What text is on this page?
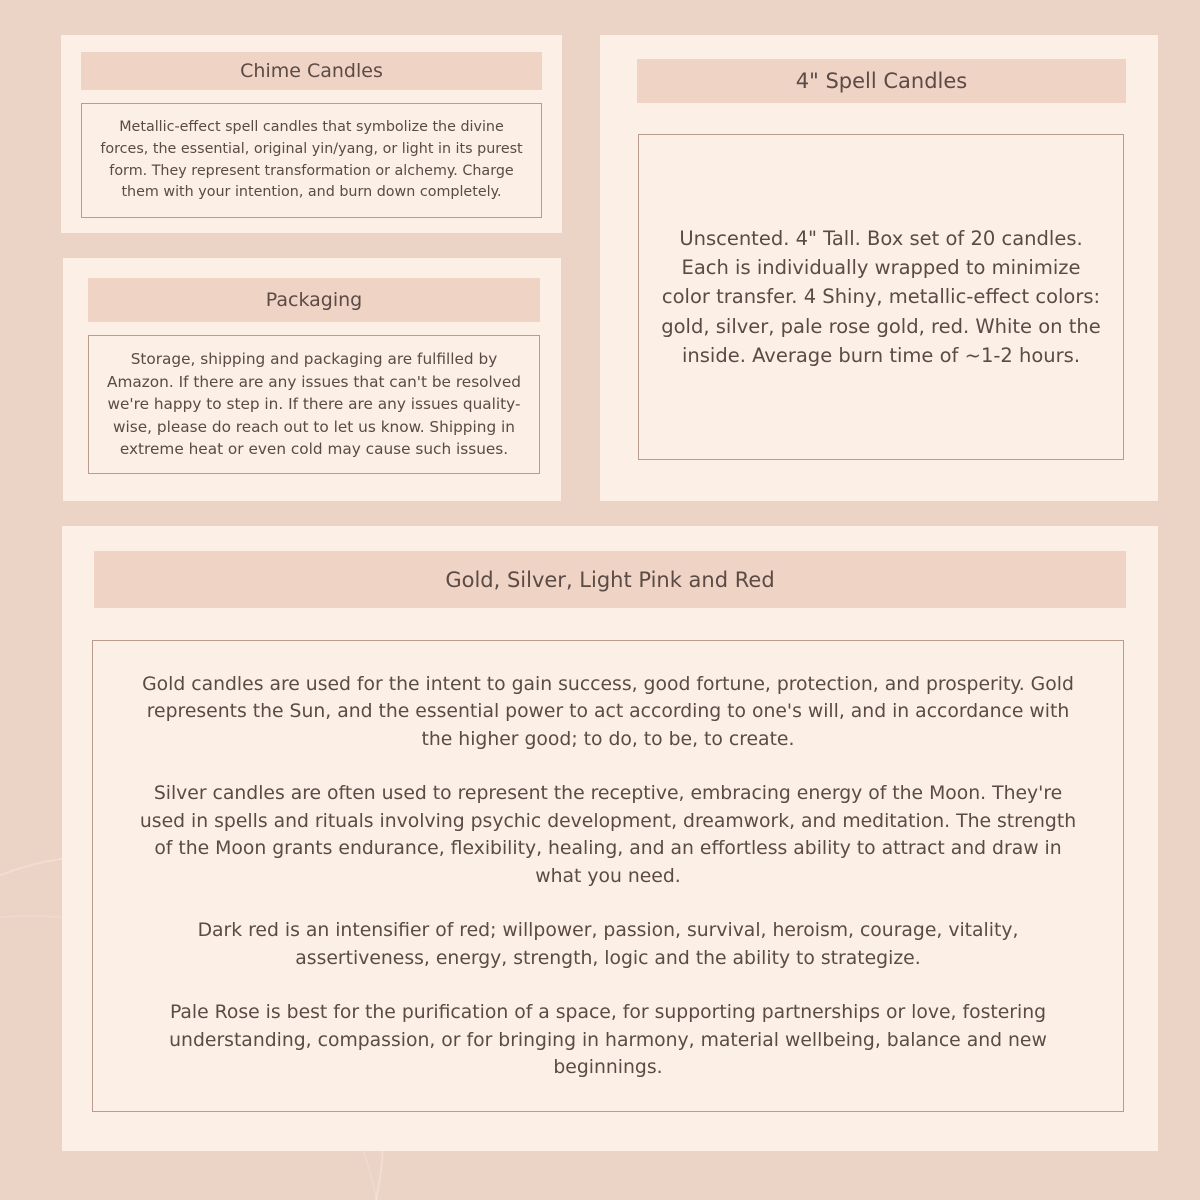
Chime Candles

Metallic-effect spell candles that symbolize the divine forces, the essential, original yin/yang, or light in its purest form. They represent transformation or alchemy. Charge them with your intention, and burn down completely.

Packaging

Storage, shipping and packaging are fulfilled by Amazon. If there are any issues that can't be resolved we're happy to step in. If there are any issues quality-wise, please do reach out to let us know. Shipping in extreme heat or even cold may cause such issues.

4" Spell Candles

Unscented. 4" Tall. Box set of 20 candles. Each is individually wrapped to minimize color transfer. 4 Shiny, metallic-effect colors: gold, silver, pale rose gold, red. White on the inside. Average burn time of ~1-2 hours.

Gold, Silver, Light Pink and Red

Gold candles are used for the intent to gain success, good fortune, protection, and prosperity. Gold represents the Sun, and the essential power to act according to one's will, and in accordance with the higher good; to do, to be, to create.

Silver candles are often used to represent the receptive, embracing energy of the Moon. They're used in spells and rituals involving psychic development, dreamwork, and meditation. The strength of the Moon grants endurance, flexibility, healing, and an effortless ability to attract and draw in what you need.

Dark red is an intensifier of red; willpower, passion, survival, heroism, courage, vitality, assertiveness, energy, strength, logic and the ability to strategize.

Pale Rose is best for the purification of a space, for supporting partnerships or love, fostering understanding, compassion, or for bringing in harmony, material wellbeing, balance and new beginnings.
